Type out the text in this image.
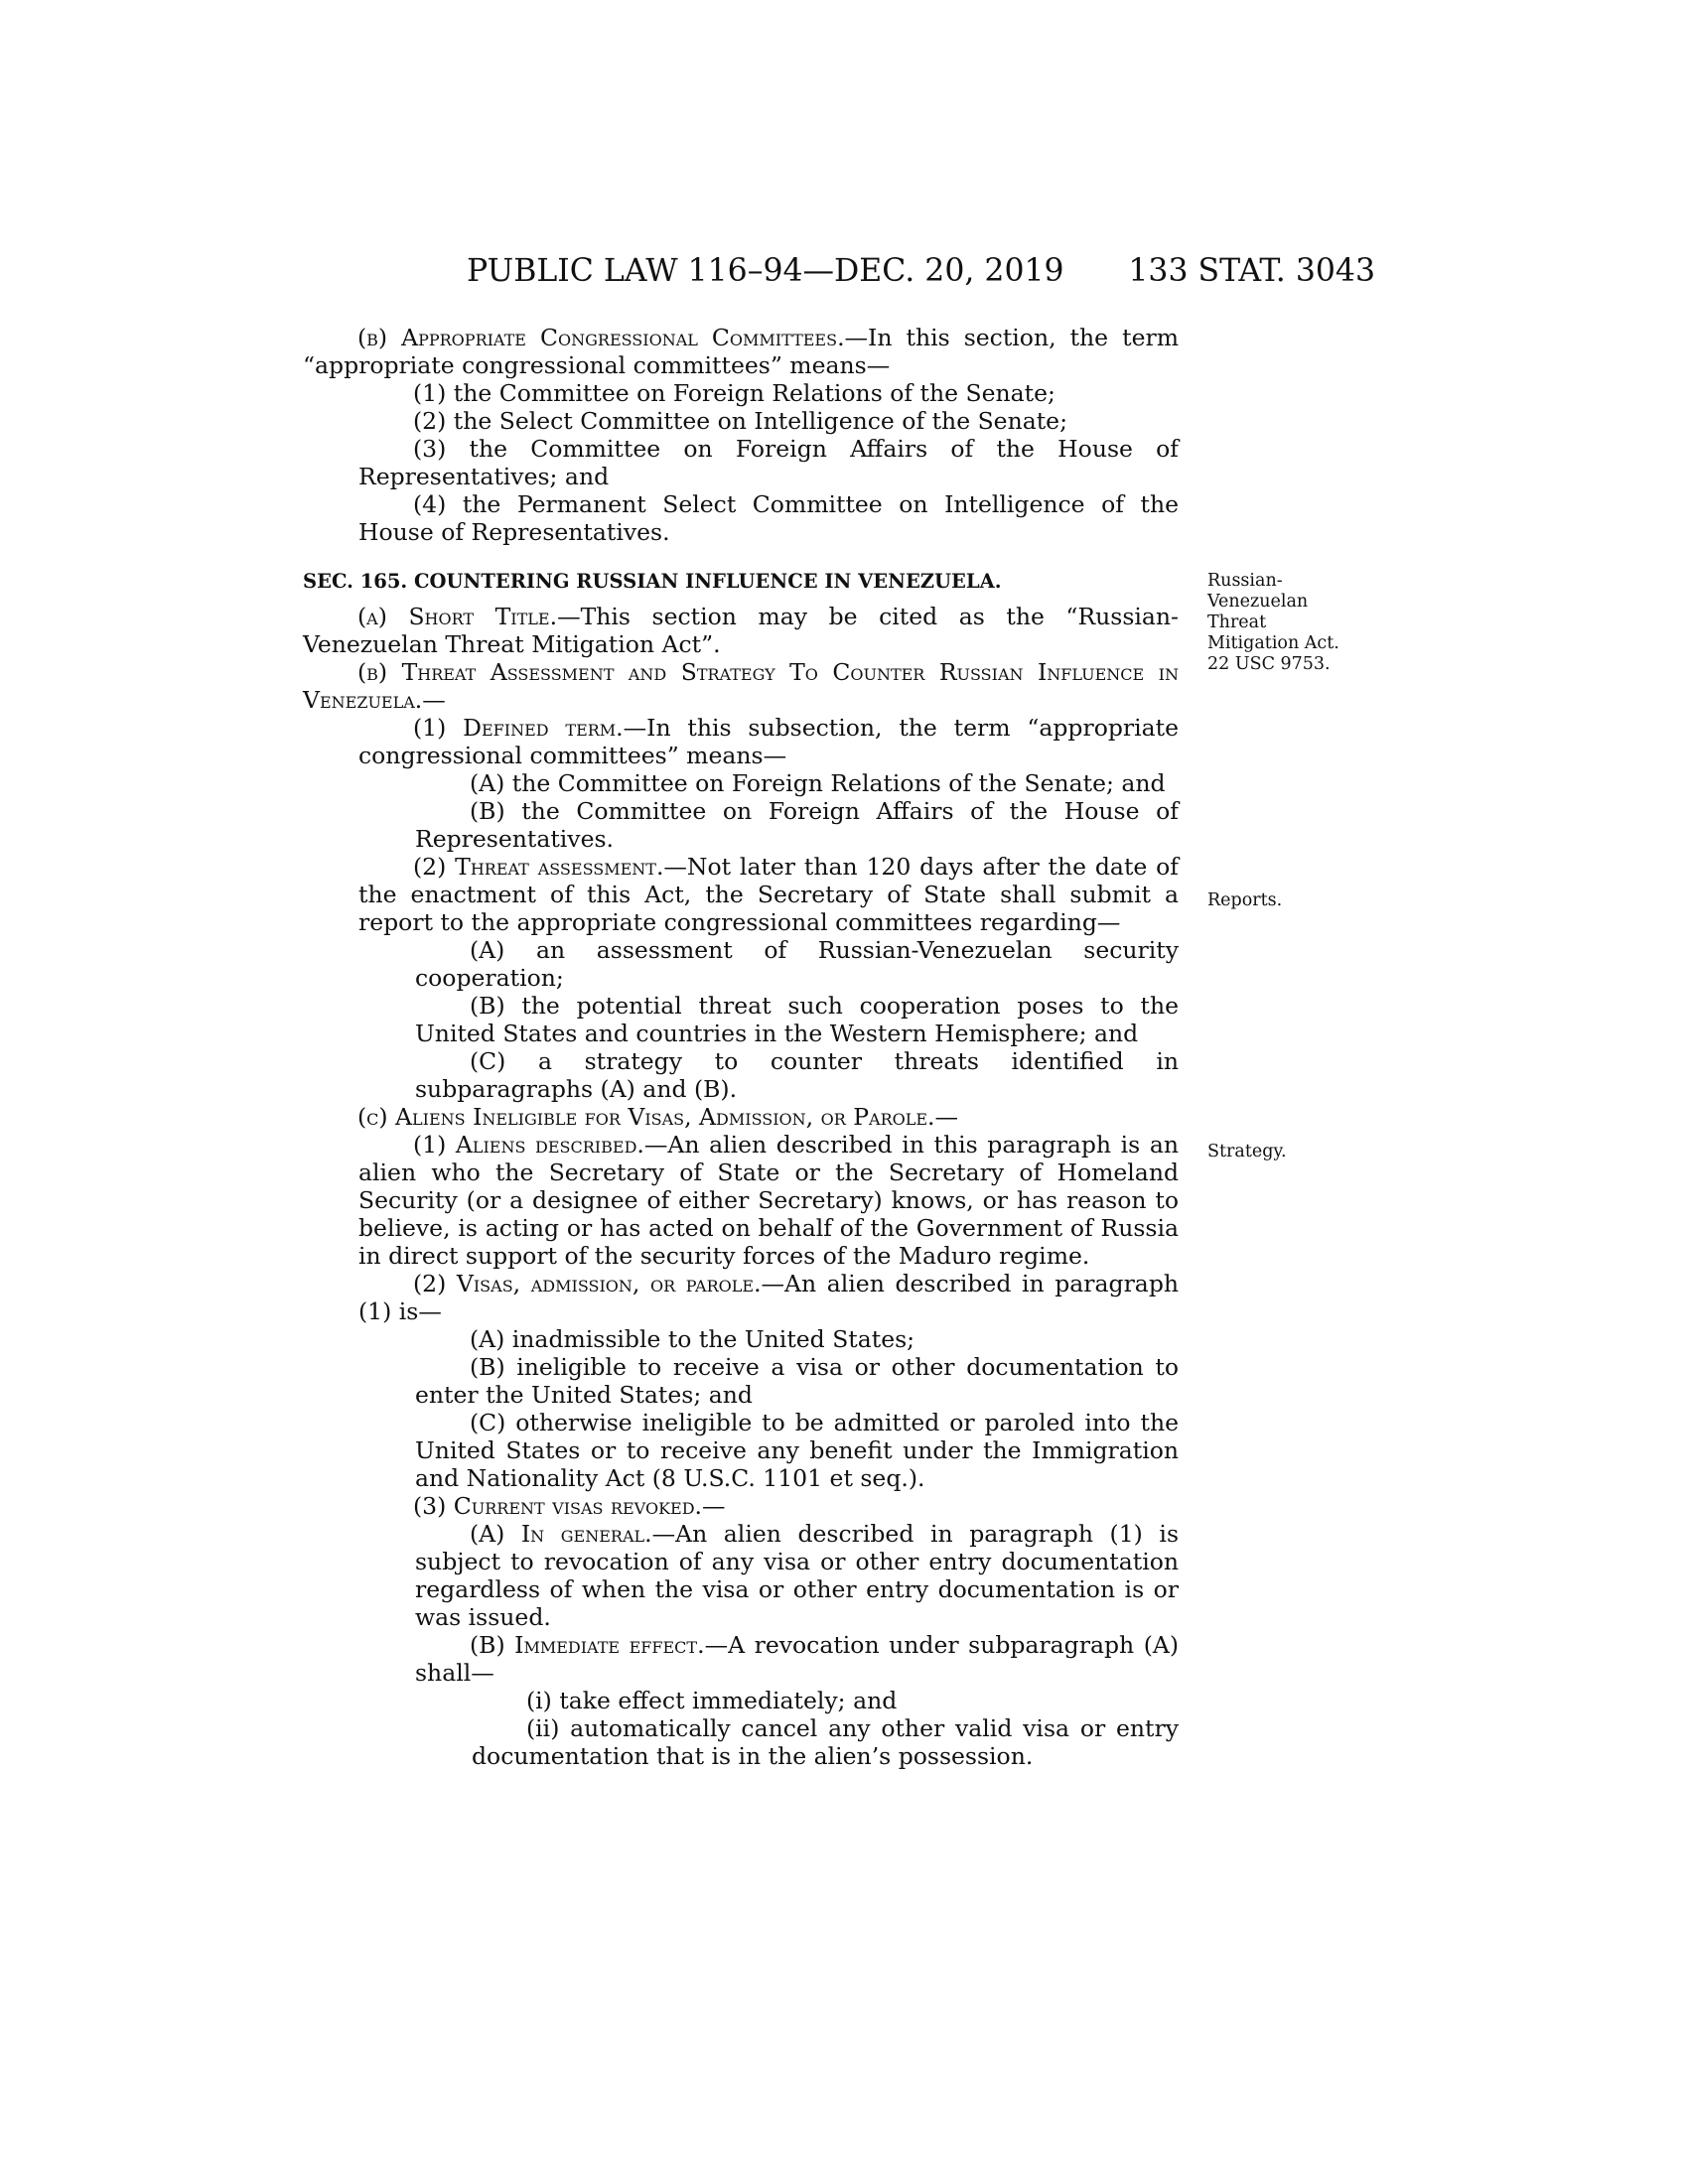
PUBLIC LAW 116–94—DEC. 20, 2019 133 STAT. 3043

(b) Appropriate Congressional Committees.—In this section, the term “appropriate congressional committees” means—

(1) the Committee on Foreign Relations of the Senate;

(2) the Select Committee on Intelligence of the Senate;

(3) the Committee on Foreign Affairs of the House of Representatives; and

(4) the Permanent Select Committee on Intelligence of the House of Representatives.

SEC. 165. COUNTERING RUSSIAN INFLUENCE IN VENEZUELA.

(a) Short Title.—This section may be cited as the “Russian-Venezuelan Threat Mitigation Act”.

(b) Threat Assessment and Strategy To Counter Russian Influence in Venezuela.—

(1) Defined term.—In this subsection, the term “appropriate congressional committees” means—

(A) the Committee on Foreign Relations of the Senate; and

(B) the Committee on Foreign Affairs of the House of Representatives.

(2) Threat assessment.—Not later than 120 days after the date of the enactment of this Act, the Secretary of State shall submit a report to the appropriate congressional committees regarding—

(A) an assessment of Russian-Venezuelan security cooperation;

(B) the potential threat such cooperation poses to the United States and countries in the Western Hemisphere; and

(C) a strategy to counter threats identified in subparagraphs (A) and (B).

(c) Aliens Ineligible for Visas, Admission, or Parole.—

(1) Aliens described.—An alien described in this paragraph is an alien who the Secretary of State or the Secretary of Homeland Security (or a designee of either Secretary) knows, or has reason to believe, is acting or has acted on behalf of the Government of Russia in direct support of the security forces of the Maduro regime.

(2) Visas, admission, or parole.—An alien described in paragraph (1) is—

(A) inadmissible to the United States;

(B) ineligible to receive a visa or other documentation to enter the United States; and

(C) otherwise ineligible to be admitted or paroled into the United States or to receive any benefit under the Immigration and Nationality Act (8 U.S.C. 1101 et seq.).

(3) Current visas revoked.—

(A) In general.—An alien described in paragraph (1) is subject to revocation of any visa or other entry documentation regardless of when the visa or other entry documentation is or was issued.

(B) Immediate effect.—A revocation under subparagraph (A) shall—

(i) take effect immediately; and

(ii) automatically cancel any other valid visa or entry documentation that is in the alien’s possession.

Russian-
Venezuelan
Threat
Mitigation Act.
22 USC 9753.
Reports.
Strategy.
